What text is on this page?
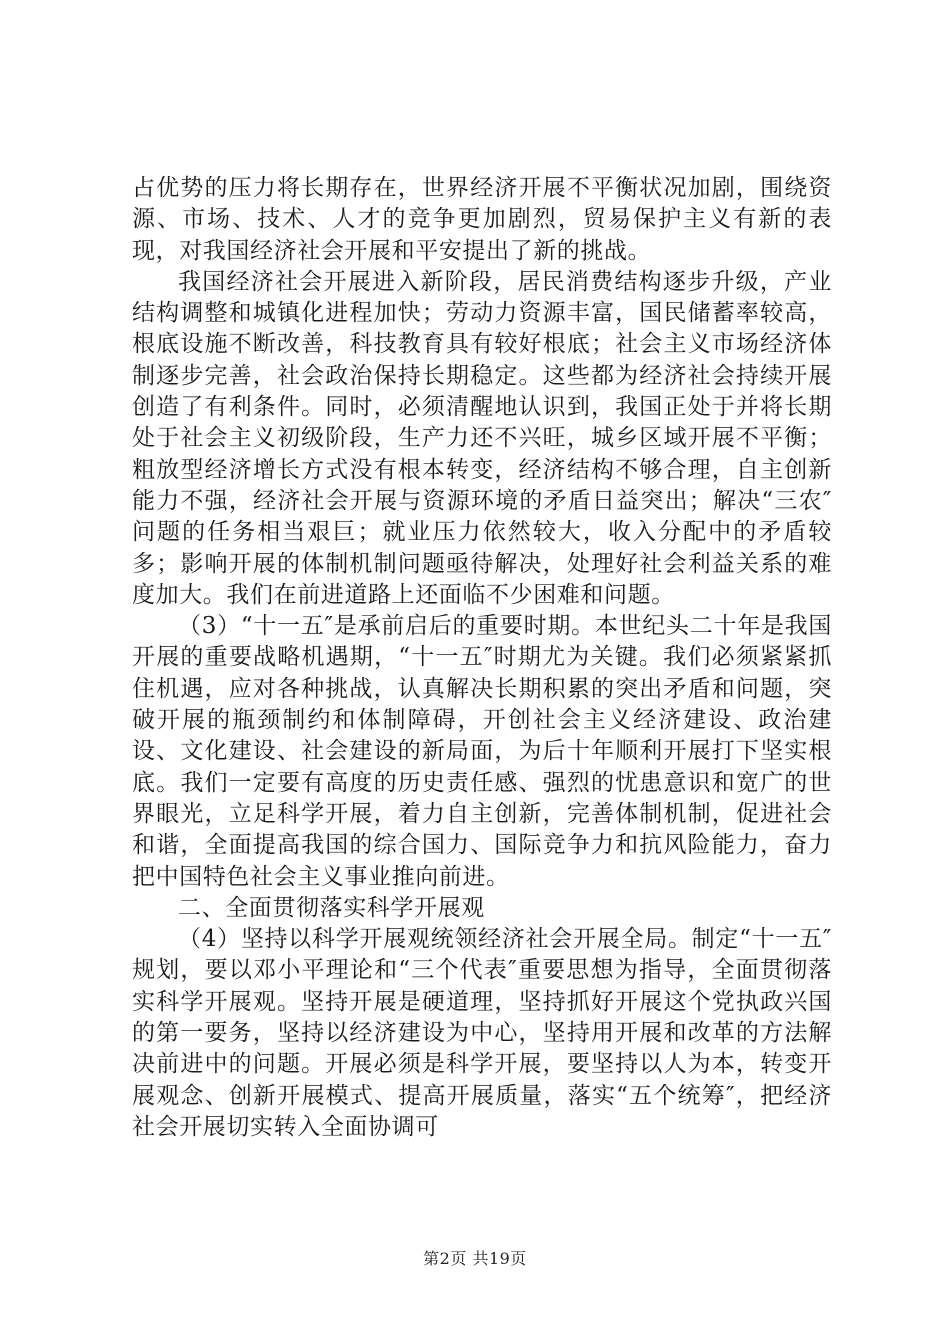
占优势的压力将长期存在，世界经济开展不平衡状况加剧，围绕资源、市场、技术、人才的竞争更加剧烈，贸易保护主义有新的表现，对我国经济社会开展和平安提出了新的挑战。

我国经济社会开展进入新阶段，居民消费结构逐步升级，产业结构调整和城镇化进程加快；劳动力资源丰富，国民储蓄率较高，根底设施不断改善，科技教育具有较好根底；社会主义市场经济体制逐步完善，社会政治保持长期稳定。这些都为经济社会持续开展创造了有利条件。同时，必须清醒地认识到，我国正处于并将长期处于社会主义初级阶段，生产力还不兴旺，城乡区域开展不平衡；粗放型经济增长方式没有根本转变，经济结构不够合理，自主创新能力不强，经济社会开展与资源环境的矛盾日益突出；解决“三农″问题的任务相当艰巨；就业压力依然较大，收入分配中的矛盾较多；影响开展的体制机制问题亟待解决，处理好社会利益关系的难度加大。我们在前进道路上还面临不少困难和问题。

（3）“十一五″是承前启后的重要时期。本世纪头二十年是我国开展的重要战略机遇期，“十一五″时期尤为关键。我们必须紧紧抓住机遇，应对各种挑战，认真解决长期积累的突出矛盾和问题，突破开展的瓶颈制约和体制障碍，开创社会主义经济建设、政治建设、文化建设、社会建设的新局面，为后十年顺利开展打下坚实根底。我们一定要有高度的历史责任感、强烈的忧患意识和宽广的世界眼光，立足科学开展，着力自主创新，完善体制机制，促进社会和谐，全面提高我国的综合国力、国际竞争力和抗风险能力，奋力把中国特色社会主义事业推向前进。

二、全面贯彻落实科学开展观

（4）坚持以科学开展观统领经济社会开展全局。制定“十一五″规划，要以邓小平理论和“三个代表″重要思想为指导，全面贯彻落实科学开展观。坚持开展是硬道理，坚持抓好开展这个党执政兴国的第一要务，坚持以经济建设为中心，坚持用开展和改革的方法解决前进中的问题。开展必须是科学开展，要坚持以人为本，转变开展观念、创新开展模式、提高开展质量，落实“五个统筹″，把经济社会开展切实转入全面协调可

第2页 共19页
